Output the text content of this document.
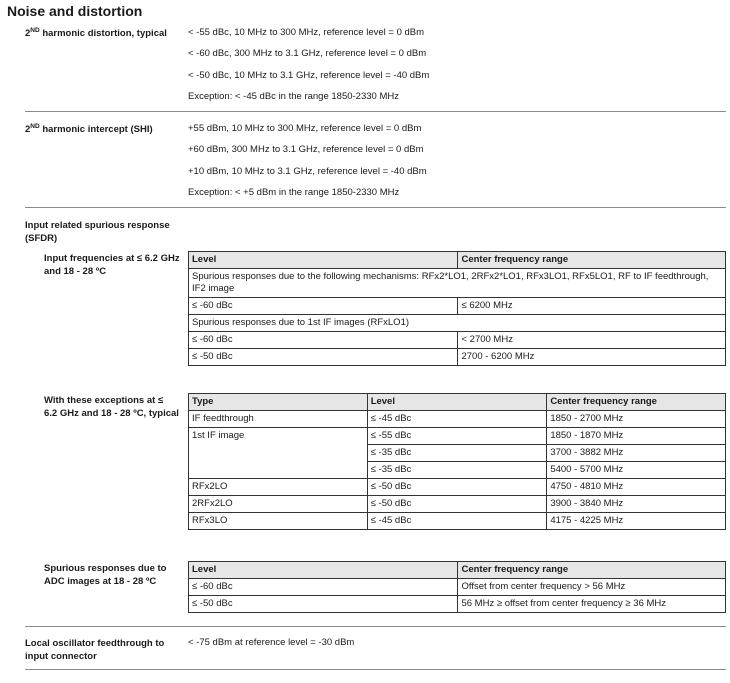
Noise and distortion
2ND harmonic distortion, typical < -55 dBc, 10 MHz to 300 MHz, reference level = 0 dBm
< -60 dBc, 300 MHz to 3.1 GHz, reference level = 0 dBm
< -50 dBc, 10 MHz to 3.1 GHz, reference level = -40 dBm
Exception: < -45 dBc in the range 1850-2330 MHz
2ND harmonic intercept (SHI)	+55 dBm, 10 MHz to 300 MHz, reference level = 0 dBm
+60 dBm, 300 MHz to 3.1 GHz, reference level = 0 dBm
+10 dBm, 10 MHz to 3.1 GHz, reference level = -40 dBm
Exception: < +5 dBm in the range 1850-2330 MHz
Input related spurious response
(SFDR)
Input frequencies at ≤ 6.2 GHz
and 18 - 28 ºC
Level	Center frequency range
Spurious responses due to the following mechanisms: RFx2*LO1, 2RFx2*LO1, RFx3LO1, RFx5LO1, RF to IF feedthrough, IF2 image	
≤ -60 dBc	≤ 6200 MHz
Spurious responses due to 1st IF images (RFxLO1)	
≤ -60 dBc	< 2700 MHz
≤ -50 dBc	2700 - 6200 MHz
With these exceptions at ≤
6.2 GHz and 18 - 28 ºC, typical
Type	Level	Center frequency range
IF feedthrough	≤ -45 dBc	1850 - 2700 MHz
1st IF image	≤ -55 dBc	1850 - 1870 MHz
	≤ -35 dBc	3700 - 3882 MHz
	≤ -35 dBc	5400 - 5700 MHz
RFx2LO	≤ -50 dBc	4750 - 4810 MHz
2RFx2LO	≤ -50 dBc	3900 - 3840 MHz
RFx3LO	≤ -45 dBc	4175 - 4225 MHz
Spurious responses due to
ADC images at 18 - 28 ºC
Level	Center frequency range
≤ -60 dBc	Offset from center frequency > 56 MHz
≤ -50 dBc	56 MHz ≥ offset from center frequency ≥ 36 MHz
Local oscillator feedthrough to
input connector
< -75 dBm at reference level = -30 dBm
